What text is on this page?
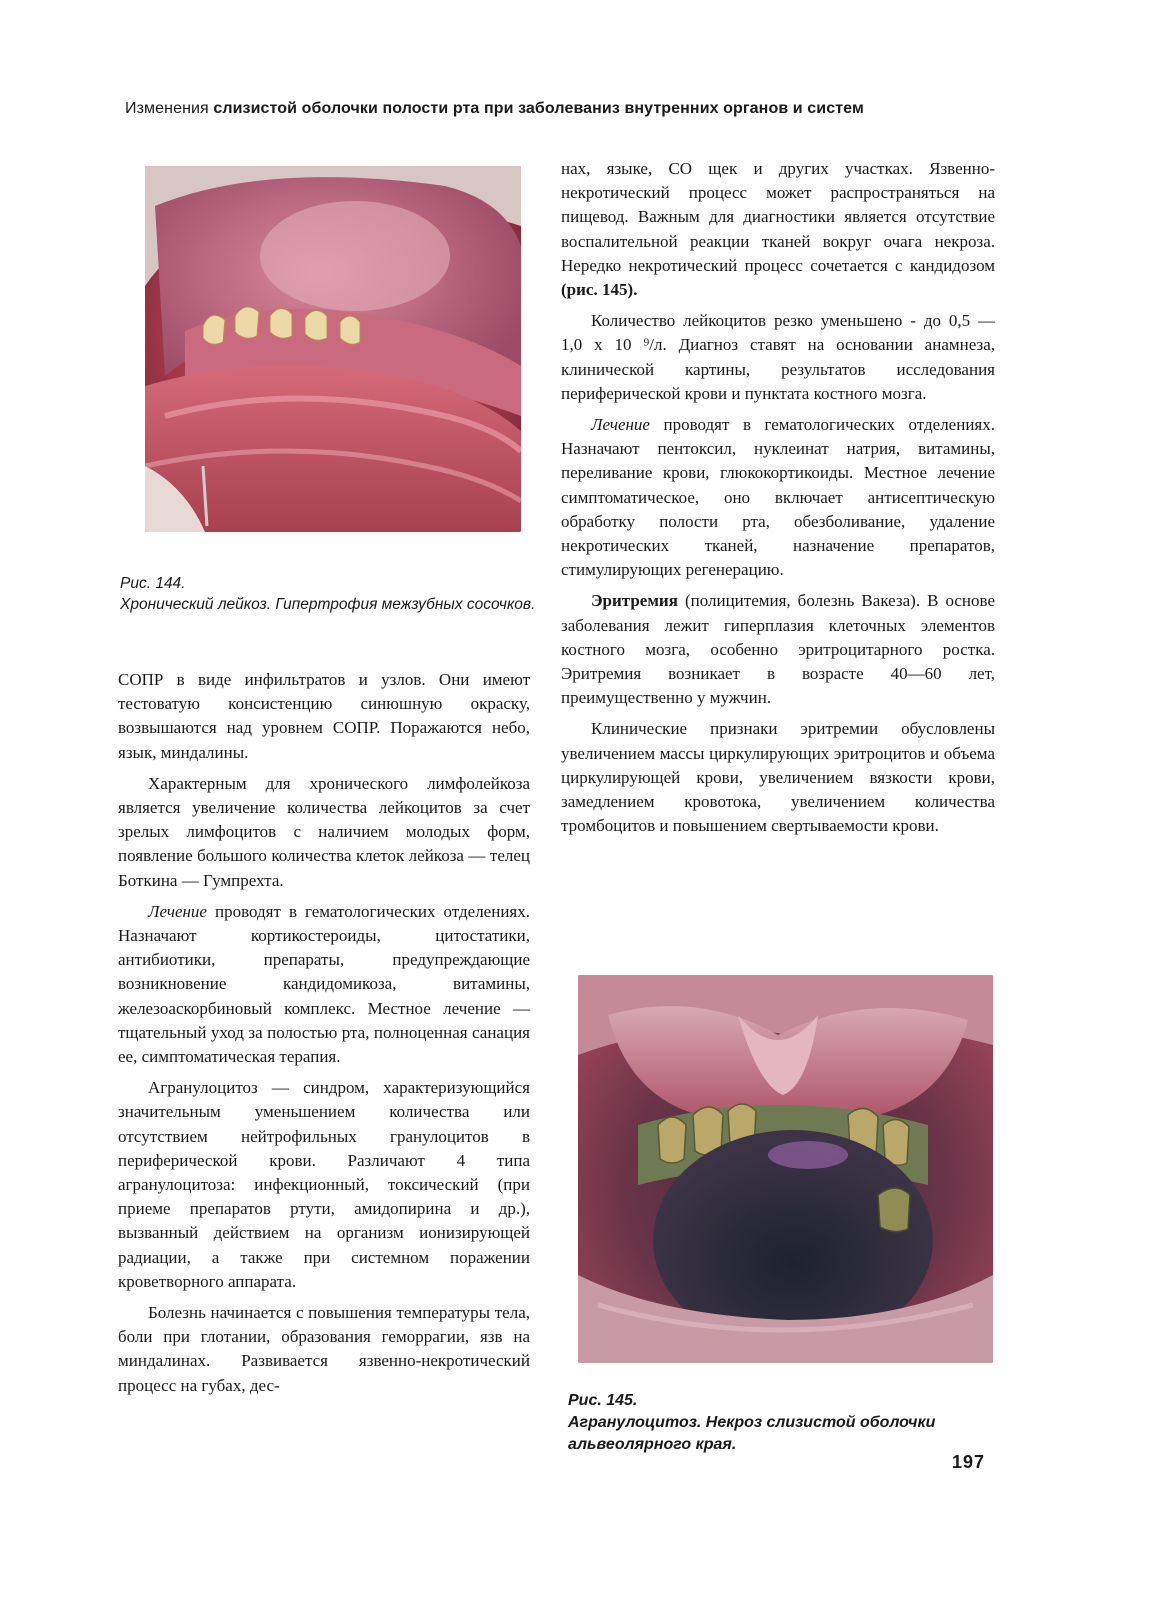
Изменения слизистой оболочки полости рта при заболеваниз внутренних органов и систем
Рис. 144.
Хронический лейкоз. Гипертрофия межзубных сосочков.

нах, языке, СО щек и других участках. Язвенно-некротический процесс может распространяться на пищевод. Важным для диагностики является отсутствие воспалительной реакции тканей вокруг очага некроза. Нередко некротический процесс сочетается с кандидозом (рис. 145).

Количество лейкоцитов резко уменьшено - до 0,5 — 1,0 х 10 ⁹/л. Диагноз ставят на основании анамнеза, клинической картины, результатов исследования периферической крови и пунктата костного мозга.

Лечение проводят в гематологических отделениях. Назначают пентоксил, нуклеинат натрия, витамины, переливание крови, глюкокортикоиды. Местное лечение симптоматическое, оно включает антисептическую обработку полости рта, обезболивание, удаление некротических тканей, назначение препаратов, стимулирующих регенерацию.

Эритремия (полицитемия, болезнь Вакеза). В основе заболевания лежит гиперплазия клеточных элементов костного мозга, особенно эритроцитарного ростка. Эритремия возникает в возрасте 40—60 лет, преимущественно у мужчин.

Клинические признаки эритремии обусловлены увеличением массы циркулирующих эритроцитов и объема циркулирующей крови, увеличением вязкости крови, замедлением кровотока, увеличением количества тромбоцитов и повышением свертываемости крови.

СОПР в виде инфильтратов и узлов. Они имеют тестоватую консистенцию синюшную окраску, возвышаются над уровнем СОПР. Поражаются небо, язык, миндалины.

Характерным для хронического лимфолейкоза является увеличение количества лейкоцитов за счет зрелых лимфоцитов с наличием молодых форм, появление большого количества клеток лейкоза — телец Боткина — Гумпрехта.

Лечение проводят в гематологических отделениях. Назначают кортикостероиды, цитостатики, антибиотики, препараты, предупреждающие возникновение кандидомикоза, витамины, железоаскорбиновый комплекс. Местное лечение — тщательный уход за полостью рта, полноценная санация ее, симптоматическая терапия.

Агранулоцитоз — синдром, характеризующийся значительным уменьшением количества или отсутствием нейтрофильных гранулоцитов в периферической крови. Различают 4 типа агранулоцитоза: инфекционный, токсический (при приеме препаратов ртути, амидопирина и др.), вызванный действием на организм ионизирующей радиации, а также при системном поражении кроветворного аппарата.

Болезнь начинается с повышения температуры тела, боли при глотании, образования геморрагии, язв на миндалинах. Развивается язвенно-некротический процесс на губах, дес-

Рис. 145.
Агранулоцитоз. Некроз слизистой оболочки альвеолярного края.
197
